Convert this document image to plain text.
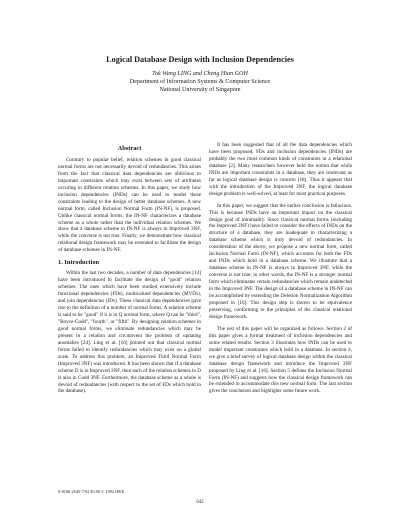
Logical Database Design with Inclusion Dependencies
Tok Wang LING and Cheng Hian GOH
Department of Information Systems & Computer Science
National University of Singapore
Abstract

Contrary to popular belief, relation schemes in good classical normal forms are not necessarily devoid of redundancies. This arises from the fact that classical data dependencies are oblivious to important constraints which may exist between sets of attributes occuring in different relation schemes. In this paper, we study how inclusion dependencies (INDs) can be used to model these constraints leading to the design of better database schemes. A new normal form, called Inclusion Normal Form (IN-NF), is proposed. Unlike classical normal forms, the IN-NF characterizes a database scheme as a whole rather than the individual relation schemes. We show that a database scheme in IN-NF is always in Improved 3NF, while the converse is not true. Finally, we demonstrate how classical relational design framework may be extended to facilitate the design of database schemes in IN-NF.

1. Introduction

Within the last two decades, a number of data dependencies [14] have been introduced to facilitate the design of "good" relation schemes. The ones which have been studied extensively include functional dependencies (FDs), multivalued dependencies (MVDs), and join dependencies (JDs). These classical data dependencies gave rise to the definition of a number of normal forms. A relation scheme is said to be "good" if it is in Q normal form, where Q can be "third", "Boyce-Codd", "fourth", or "fifth". By designing relation schemes in good normal forms, we eliminate redundancies which may be present in a relation and circumvent the problem of updating anomalies [24]. Ling et al. [16] pointed out that classical normal forms failed to identify redundancies which may exist on a global scale. To address this problem, an Improved Third Normal Form (Improved 3NF) was introduced. It has been shown that if a database scheme D is in Improved 3NF, then each of the relation schemes in D is also in Codd 3NF. Furthermore, the database scheme as a whole is devoid of redundancies (with respect to the set of FDs which hold in the database).

It has been suggested that of all the data dependencies which have been proposed, FDs and inclusion dependencies (INDs) are probably the two most common kinds of constraints in a relational database [2]. Many researchers however held the notion that while INDs are important constraints in a database, they are irrelevant as far as logical database design is concern [18]. Thus it appears that with the introduction of the Improved 3NF, the logical database design problem is well-solved, at least for most practical purposes.

In this paper, we suggest that the earlier conclusion is fallacious. This is because INDs have an important impact on the classical design goal of minimality. Since classical normal forms (including the Improved 3NF) have failed to consider the effects of INDs on the structure of a database, they are inadequate in characterizing a database scheme which is truly devoid of redundancies. In consideration of the above, we propose a new normal form, called Inclusion Normal Form (IN-NF), which accounts for both the FDs and INDs which hold in a database scheme. We illustrate that a database scheme in IN-NF is always in Improved 3NF, while the converse is not true; in other words, the IN-NF is a stronger normal form which eliminates certain redundancies which remain undetected in the Improved 3NF. The design of a database scheme in IN-NF can be accomplished by extending the Deletion Normalization Algorithm proposed in [16]. This design step is shown to be equivalence preserving, conforming to the principles of the classical relational design framework.

The rest of this paper will be organized as follows. Section 2 of this paper gives a formal treatment of inclusion dependencies and some related results. Section 3 illustrates how INDs can be used to model important constraints which hold in a database. In section 4, we give a brief survey of logical database design within the classical database design framework and introduce the Improved 3NF proposed by Ling et al. [16]. Section 5 defines the Inclusion Normal Form (IN-NF) and suggests how the classical design framework can be extended to accommodate this new normal form. The last section gives the conclusion and highlights some future work.

0-8186-2545-7/92 $3.00 © 1992 IEEE
642
